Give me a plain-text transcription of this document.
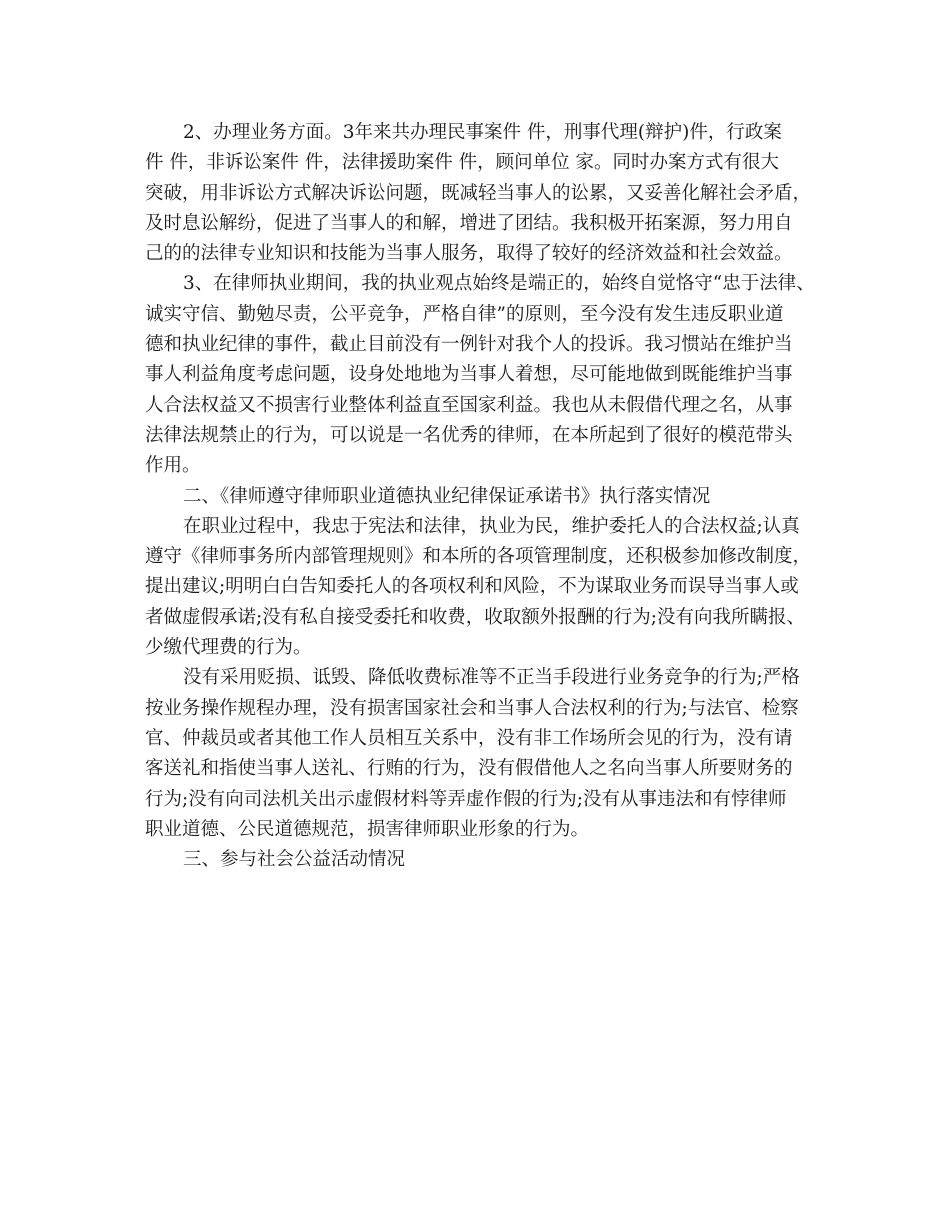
2、办理业务方面。3年来共办理民事案件 件，刑事代理(辩护)件，行政案
件 件，非诉讼案件 件，法律援助案件 件，顾问单位 家。同时办案方式有很大
突破，用非诉讼方式解决诉讼问题，既减轻当事人的讼累，又妥善化解社会矛盾，
及时息讼解纷，促进了当事人的和解，增进了团结。我积极开拓案源，努力用自
己的的法律专业知识和技能为当事人服务，取得了较好的经济效益和社会效益。

3、在律师执业期间，我的执业观点始终是端正的，始终自觉恪守“忠于法律、
诚实守信、勤勉尽责，公平竞争，严格自律”的原则，至今没有发生违反职业道
德和执业纪律的事件，截止目前没有一例针对我个人的投诉。我习惯站在维护当
事人利益角度考虑问题，设身处地地为当事人着想，尽可能地做到既能维护当事
人合法权益又不损害行业整体利益直至国家利益。我也从未假借代理之名，从事
法律法规禁止的行为，可以说是一名优秀的律师，在本所起到了很好的模范带头
作用。

二、《律师遵守律师职业道德执业纪律保证承诺书》执行落实情况

在职业过程中，我忠于宪法和法律，执业为民，维护委托人的合法权益;认真
遵守《律师事务所内部管理规则》和本所的各项管理制度，还积极参加修改制度，
提出建议;明明白白告知委托人的各项权利和风险，不为谋取业务而误导当事人或
者做虚假承诺;没有私自接受委托和收费，收取额外报酬的行为;没有向我所瞒报、
少缴代理费的行为。

没有采用贬损、诋毁、降低收费标准等不正当手段进行业务竞争的行为;严格
按业务操作规程办理，没有损害国家社会和当事人合法权利的行为;与法官、检察
官、仲裁员或者其他工作人员相互关系中，没有非工作场所会见的行为，没有请
客送礼和指使当事人送礼、行贿的行为，没有假借他人之名向当事人所要财务的
行为;没有向司法机关出示虚假材料等弄虚作假的行为;没有从事违法和有悖律师
职业道德、公民道德规范，损害律师职业形象的行为。

三、参与社会公益活动情况
